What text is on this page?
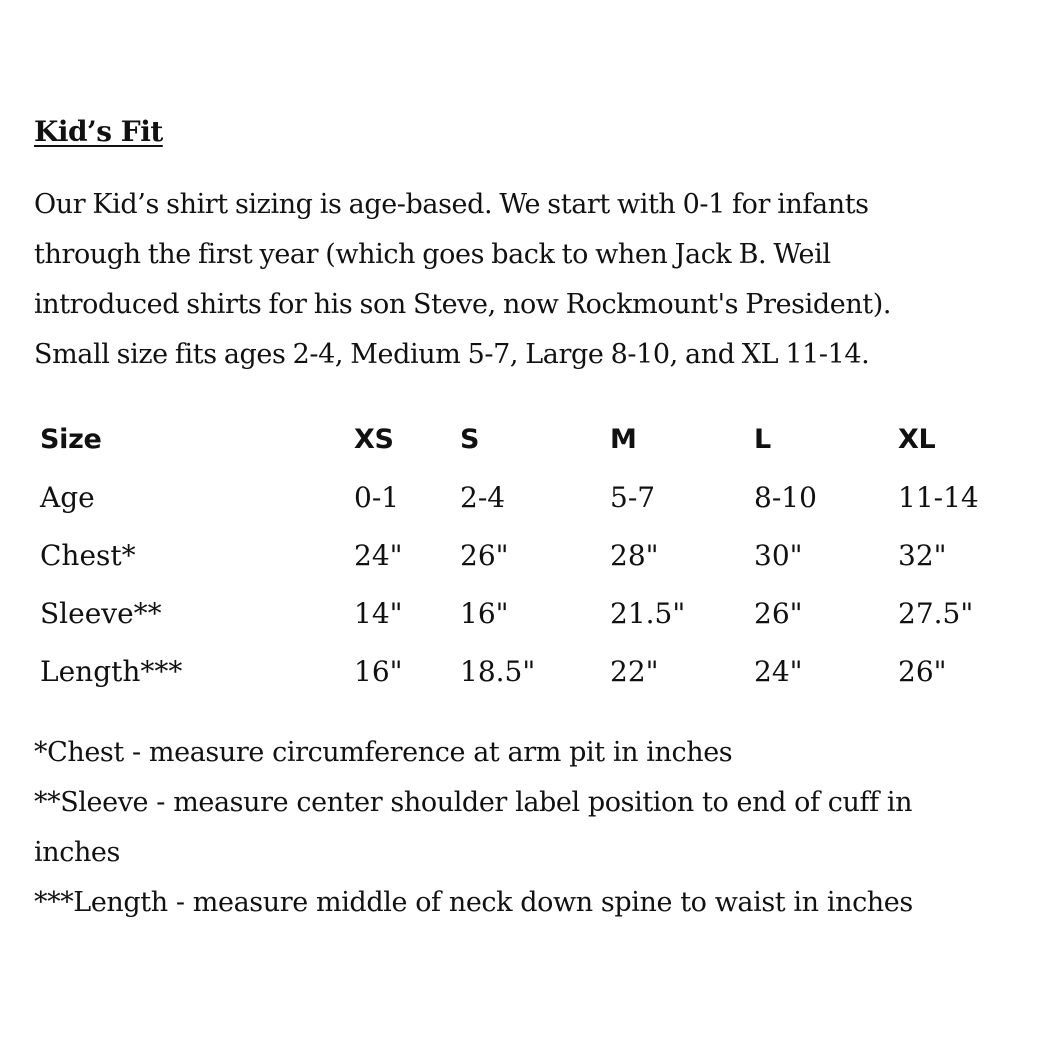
Kid’s Fit

Our Kid’s shirt sizing is age-based. We start with 0-1 for infants
through the first year (which goes back to when Jack B. Weil
introduced shirts for his son Steve, now Rockmount's President).
Small size fits ages 2-4, Medium 5-7, Large 8-10, and XL 11-14.

Size	XS	S	M	L	XL
Age	0-1	2-4	5-7	8-10	11-14
Chest*	24"	26"	28"	30"	32"
Sleeve**	14"	16"	21.5"	26"	27.5"
Length***	16"	18.5"	22"	24"	26"

*Chest - measure circumference at arm pit in inches
**Sleeve - measure center shoulder label position to end of cuff in
inches
***Length - measure middle of neck down spine to waist in inches
